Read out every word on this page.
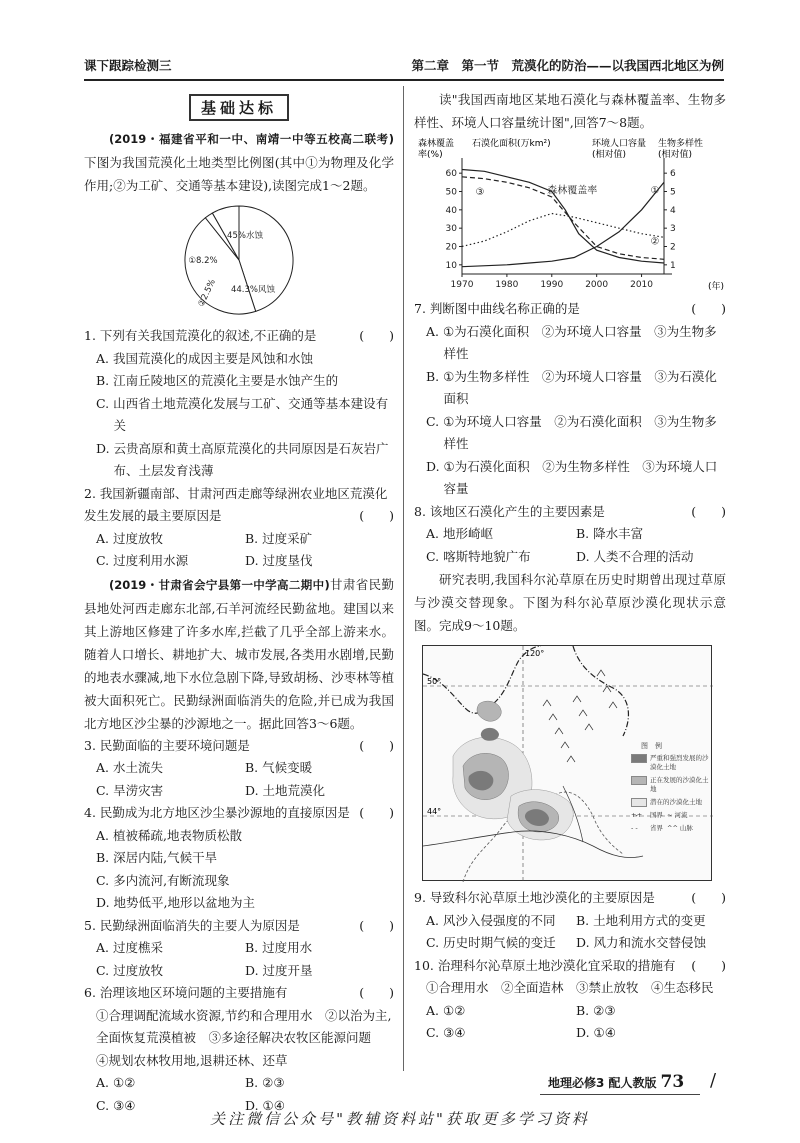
课下跟踪检测三	第二章　第一节　荒漠化的防治——以我国西北地区为例
基础达标

(2019・福建省平和一中、南靖一中等五校高二联考)下图为我国荒漠化土地类型比例图(其中①为物理及化学作用;②为工矿、交通等基本建设),读图完成1～2题。

45%水蚀
44.3%风蚀
①8.2%
②2.5%
1. 下列有关我国荒漠化的叙述,不正确的是	(　　)
A. 我国荒漠化的成因主要是风蚀和水蚀
B. 江南丘陵地区的荒漠化主要是水蚀产生的
C. 山西省土地荒漠化发展与工矿、交通等基本建设有关
D. 云贵高原和黄土高原荒漠化的共同原因是石灰岩广布、土层发育浅薄
2. 我国新疆南部、甘肃河西走廊等绿洲农业地区荒漠化发生发展的最主要原因是	(　　)
A. 过度放牧	B. 过度采矿
C. 过度利用水源	D. 过度垦伐

(2019・甘肃省会宁县第一中学高二期中)甘肃省民勤县地处河西走廊东北部,石羊河流经民勤盆地。建国以来其上游地区修建了许多水库,拦截了几乎全部上游来水。随着人口增长、耕地扩大、城市发展,各类用水剧增,民勤的地表水骤减,地下水位急剧下降,导致胡杨、沙枣林等植被大面积死亡。民勤绿洲面临消失的危险,并已成为我国北方地区沙尘暴的沙源地之一。据此回答3～6题。

3. 民勤面临的主要环境问题是	(　　)
A. 水土流失	B. 气候变暖
C. 旱涝灾害	D. 土地荒漠化
4. 民勤成为北方地区沙尘暴沙源地的直接原因是 (　　)
A. 植被稀疏,地表物质松散
B. 深居内陆,气候干旱
C. 多内流河,有断流现象
D. 地势低平,地形以盆地为主
5. 民勤绿洲面临消失的主要人为原因是	(　　)
A. 过度樵采	B. 过度用水
C. 过度放牧	D. 过度开垦
6. 治理该地区环境问题的主要措施有	(　　)
①合理调配流域水资源,节约和合理用水　②以治为主,全面恢复荒漠植被　③多途径解决农牧区能源问题　④规划农林牧用地,退耕还林、还草
A. ①②	B. ②③
C. ③④	D. ①④

读"我国西南地区某地石漠化与森林覆盖率、生物多样性、环境人口容量统计图",回答7～8题。

森林覆盖
率(%)
石漠化面积(万km²)	环境人口容量
(相对值)
生物多样性
(相对值)
10
20
30
40
50
60
1
2
3
4
5
6
1970 1980 1990 2000 2010
③	森林覆盖率	①
②
(年)
7. 判断图中曲线名称正确的是	(　　)
A. ①为石漠化面积　②为环境人口容量　③为生物多样性
B. ①为生物多样性　②为环境人口容量　③为石漠化面积
C. ①为环境人口容量　②为石漠化面积　③为生物多样性
D. ①为石漠化面积　②为生物多样性　③为环境人口容量
8. 该地区石漠化产生的主要因素是	(　　)
A. 地形崎岖	B. 降水丰富
C. 喀斯特地貌广布	D. 人类不合理的活动

研究表明,我国科尔沁草原在历史时期曾出现过草原与沙漠交替现象。下图为科尔沁草原沙漠化现状示意图。完成9～10题。

120°
50°
44°
图　例
严重和强烈发展的沙漠化土地
正在发展的沙漠化土地
潜在的沙漠化土地
+-+	国界 ~ 河流
- -	省界 ^^ 山脉
9. 导致科尔沁草原土地沙漠化的主要原因是	(　　)
A. 风沙入侵强度的不同	B. 土地利用方式的变更
C. 历史时期气候的变迁	D. 风力和流水交替侵蚀
10. 治理科尔沁草原土地沙漠化宜采取的措施有	(　　)
①合理用水　②全面造林　③禁止放牧　④生态移民
A. ①②	B. ②③
C. ③④	D. ①④
地理必修3 配人教版 73 /
关注微信公众号"教辅资料站"获取更多学习资料
